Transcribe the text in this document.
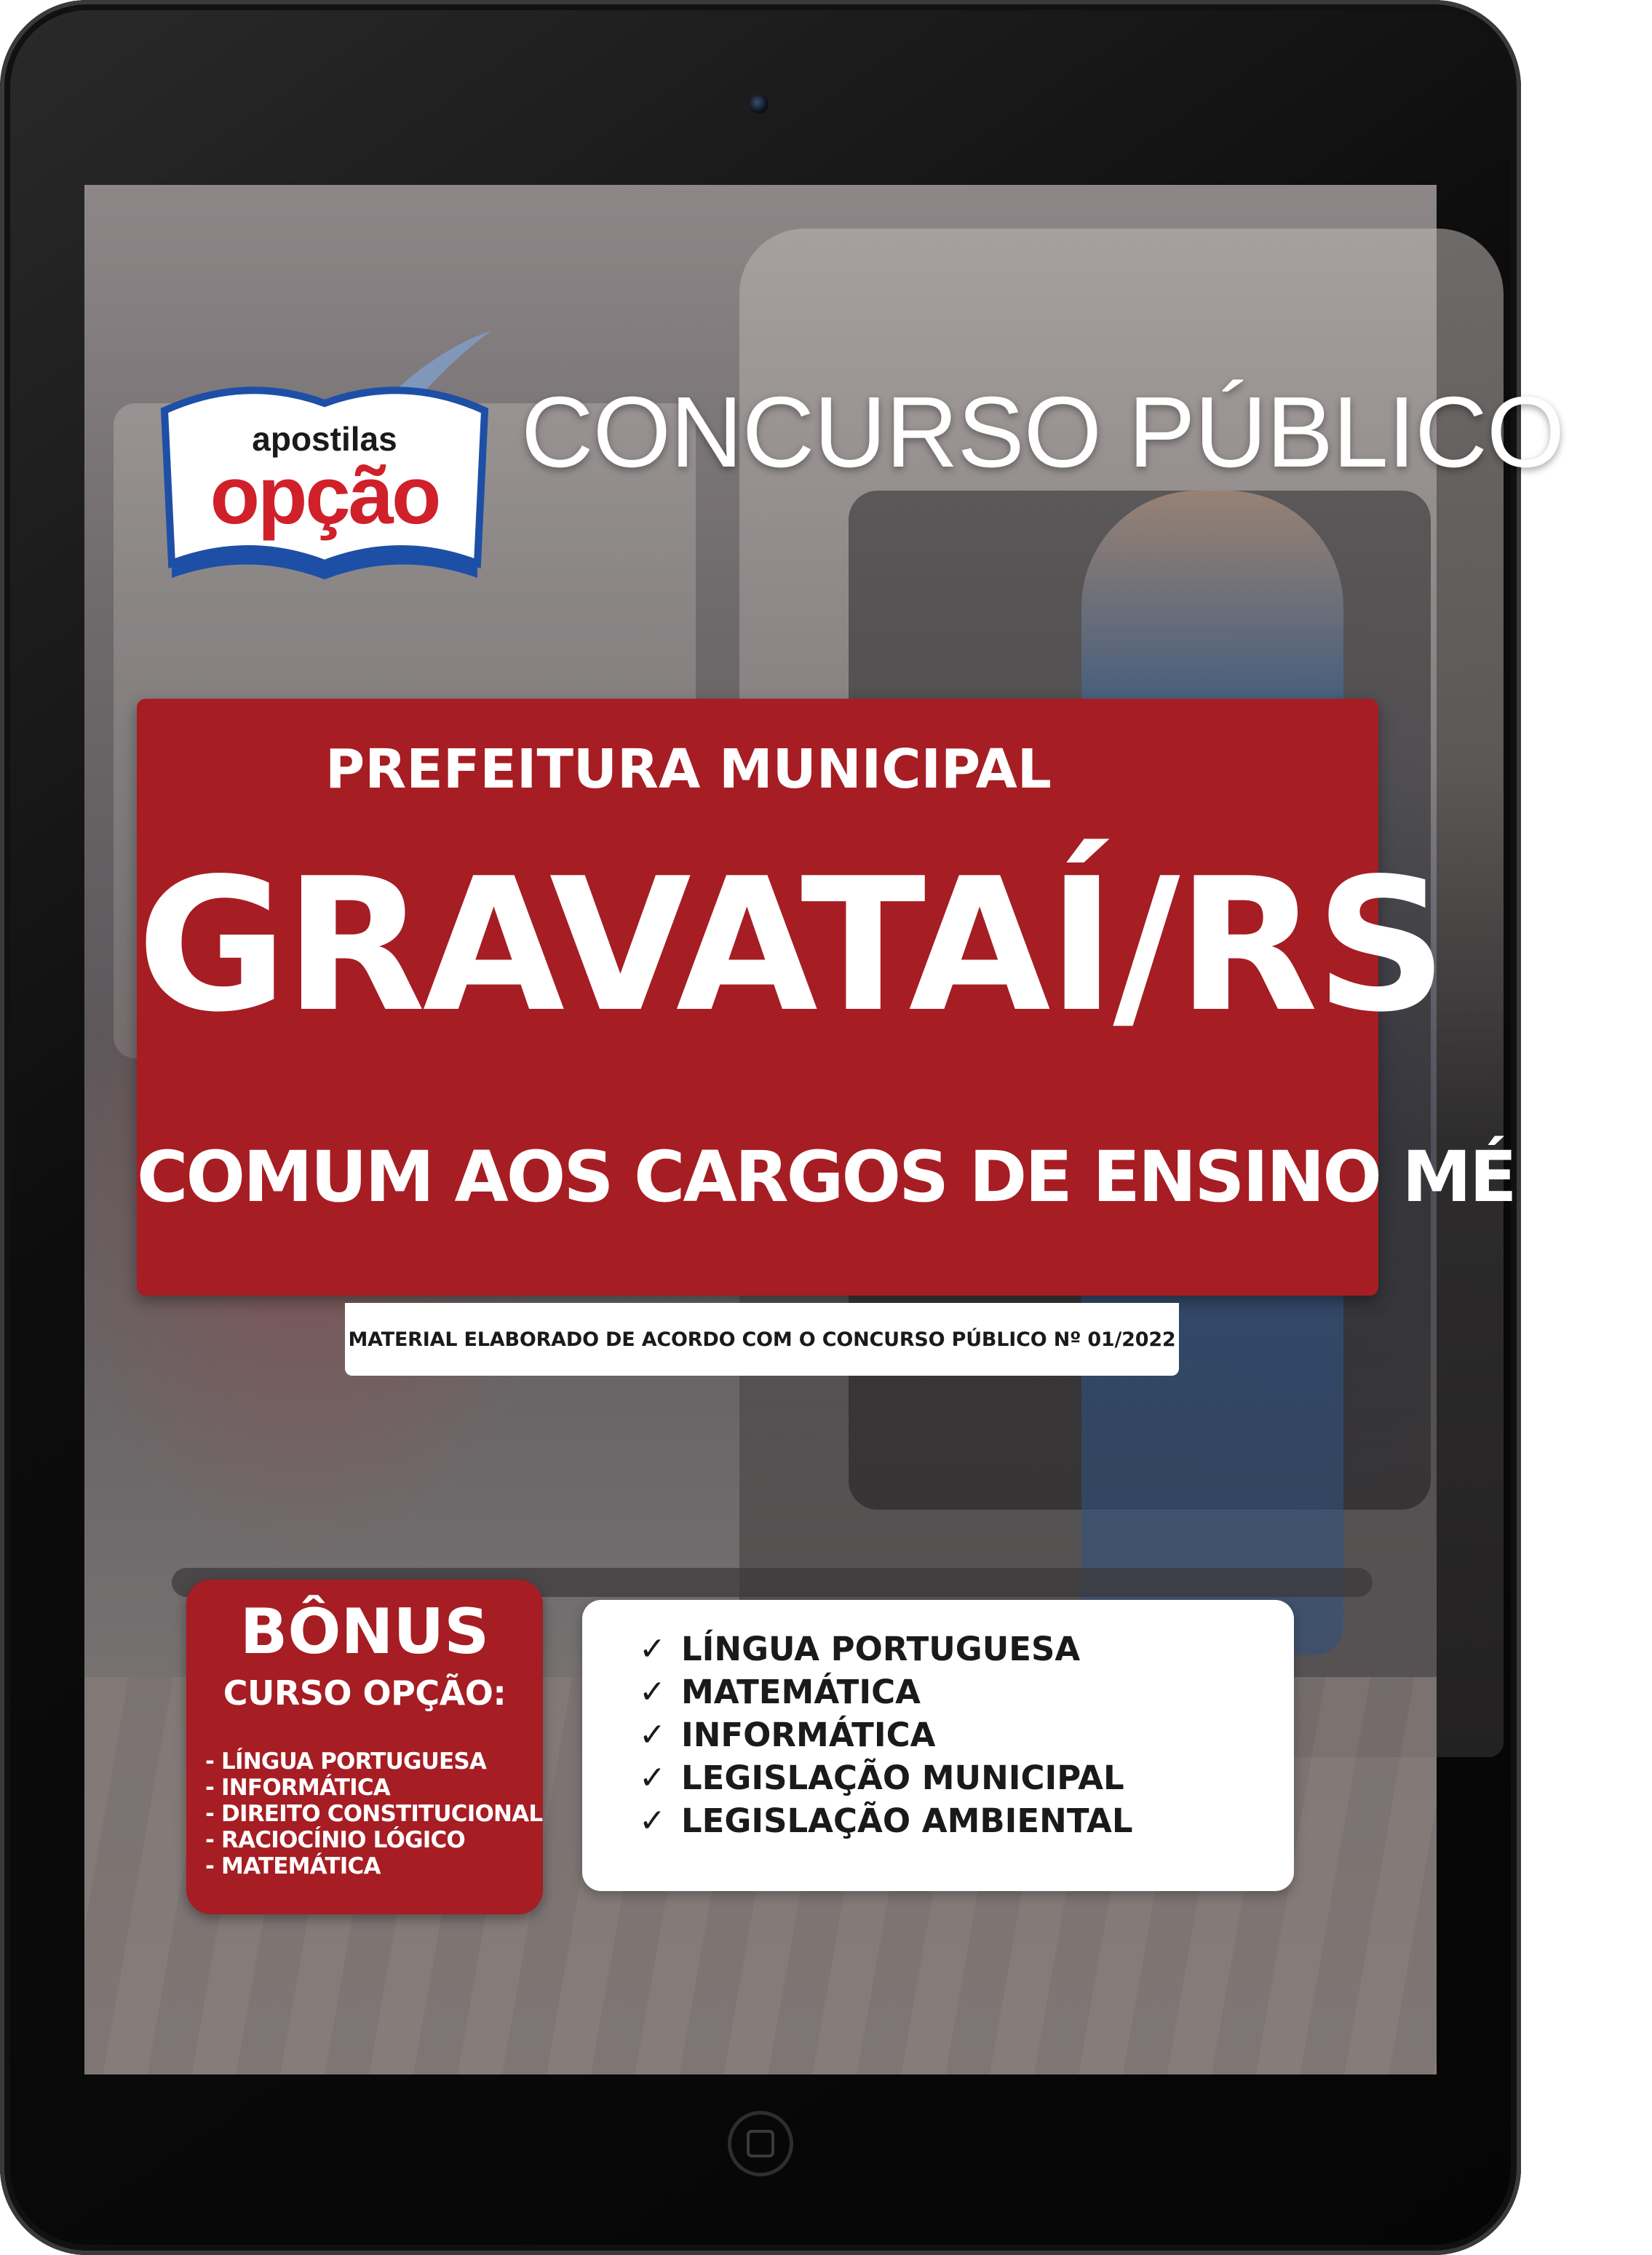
apostilas
opção
CONCURSO PÚBLICO
PREFEITURA MUNICIPAL
GRAVATAÍ/RS
COMUM AOS CARGOS DE ENSINO MÉDIO
MATERIAL ELABORADO DE ACORDO COM O CONCURSO PÚBLICO Nº 01/2022
BÔNUS
CURSO OPÇÃO:
- LÍNGUA PORTUGUESA
- INFORMÁTICA
- DIREITO CONSTITUCIONAL
- RACIOCÍNIO LÓGICO
- MATEMÁTICA
✓ LÍNGUA PORTUGUESA
✓ MATEMÁTICA
✓ INFORMÁTICA
✓ LEGISLAÇÃO MUNICIPAL
✓ LEGISLAÇÃO AMBIENTAL
